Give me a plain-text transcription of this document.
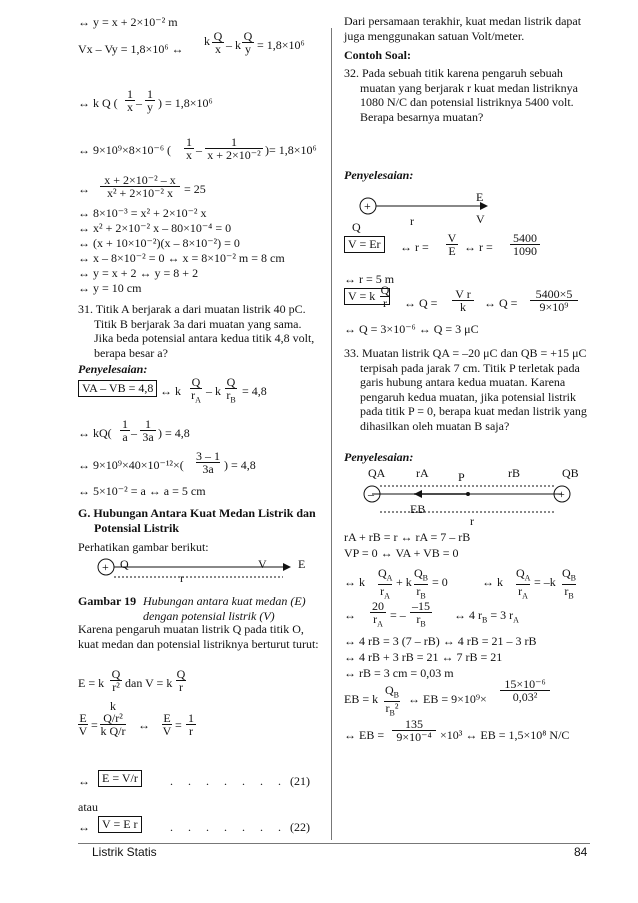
↔ y = x + 2×10⁻² m
Vx – Vy = 1,8×10⁶ ↔
k Q
x – k
Q
y = 1,8×10⁶
↔ k Q (
1
x –
1
y ) = 1,8×10⁶
↔ 9×10⁹×8×10⁻⁶ (
1
x –
1
x + 2×10⁻² )= 1,8×10⁶
↔
x + 2×10⁻² – x
x² + 2×10⁻² x = 25
↔ 8×10⁻³ = x² + 2×10⁻² x
↔ x² + 2×10⁻² x – 80×10⁻⁴ = 0
↔ (x + 10×10⁻²)(x – 8×10⁻²) = 0
↔ x – 8×10⁻² = 0 ↔ x = 8×10⁻² m = 8 cm
↔ y = x + 2 ↔ y = 8 + 2
↔ y = 10 cm
31. Titik A berjarak a dari muatan listrik 40 pC. Titik B berjarak 3a dari muatan yang sama. Jika beda potensial antara kedua titik 4,8 volt, berapa besar a?
Penyelesaian:
VA – VB = 4,8 ↔ k
Q
$r_A$
– k
Q
$r_B$
= 4,8
↔ kQ(
1
a –
1
3a ) = 4,8
↔ 9×10⁹×40×10⁻¹²×(
3 – 1
3a ) = 4,8
↔ 5×10⁻² = a ↔ a = 5 cm
G. Hubungan Antara Kuat Medan Listrik dan Potensial Listrik
Perhatikan gambar berikut:
+ Q
r
V	E
Gambar 19 Hubungan antara kuat medan (E) dengan potensial listrik (V)
Karena pengaruh muatan listrik Q pada titik O, kuat medan dan potensial listriknya berturut turut:
E = k
Q
r² dan V = k
Q
r
E
V =
k Q/r²
k Q/r ↔ E
V = 1
r
↔	E = V/r	. . . . . . . (21)
atau
↔	V = E r	. . . . . . . (22)
Dari persamaan terakhir, kuat medan listrik dapat juga menggunakan satuan Volt/meter.
Contoh Soal:
32. Pada sebuah titik karena pengaruh sebuah muatan yang berjarak r kuat medan listriknya 1080 N/C dan potensial listriknya 5400 volt. Berapa besarnya muatan?
Penyelesaian:
+
Q	r
E
V
V = Er	↔ r =
V
E ↔ r =
5400
1090
↔ r = 5 m
V = k Q
r ↔ Q =
V r
k	↔ Q =
5400×5
9×10⁹
↔ Q = 3×10⁻⁶ ↔ Q = 3 μC
33. Muatan listrik QA = –20 μC dan QB = +15 μC terpisah pada jarak 7 cm. Titik P terletak pada garis hubung antara kedua muatan. Karena pengaruh kedua muatan, jika potensial listrik pada titik P = 0, berapa kuat medan listrik yang dihasilkan oleh muatan B saja?
Penyelesaian:
–	+
QA	rA P	rB	QB
EB
r
rA + rB = r ↔ rA = 7 – rB
VP = 0 ↔ VA + VB = 0
↔ k
$Q_A$
$r_A$
+ k
$Q_B$
$r_B$
= 0	↔ k
$Q_A$
$r_A$
= –k
$Q_B$
$r_B$
↔
20
$r_A$
= –
–15
$r_B$
↔ 4 $r_B = 3$ $r_A$
↔ 4 rB = 3 (7 – rB) ↔ 4 rB = 21 – 3 rB
↔ 4 rB + 3 rB = 21 ↔ 7 rB = 21
↔ rB = 3 cm = 0,03 m
EB = k
$Q_B$
$r_B^2$
↔ EB = 9×10⁹×
15×10⁻⁶
0,03²
↔ EB =
135
9×10⁻⁴ ×10³ ↔ EB = 1,5×10⁸ N/C
Listrik Statis	84
